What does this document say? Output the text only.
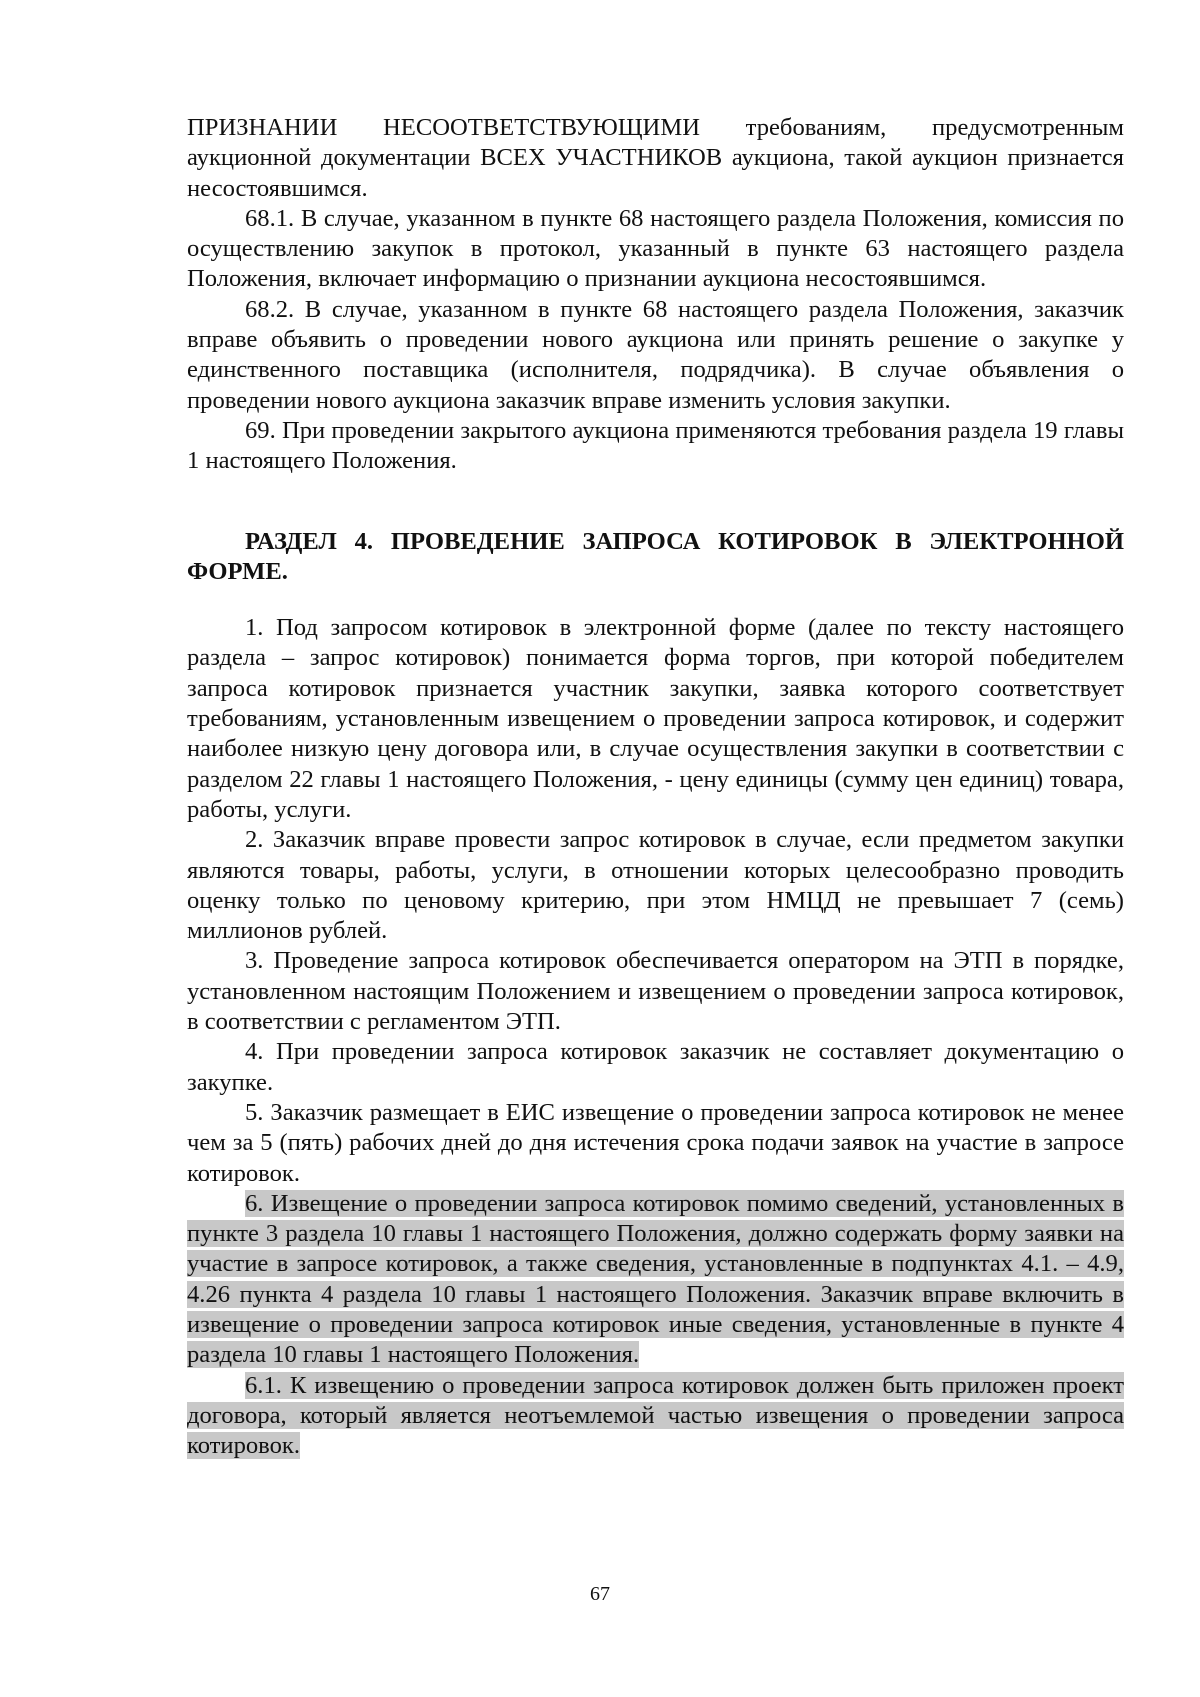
ПРИЗНАНИИ НЕСООТВЕТСТВУЮЩИМИ требованиям, предусмотренным аукционной документации ВСЕХ УЧАСТНИКОВ аукциона, такой аукцион признается несостоявшимся.

68.1. В случае, указанном в пункте 68 настоящего раздела Положения, комиссия по осуществлению закупок в протокол, указанный в пункте 63 настоящего раздела Положения, включает информацию о признании аукциона несостоявшимся.

68.2. В случае, указанном в пункте 68 настоящего раздела Положения, заказчик вправе объявить о проведении нового аукциона или принять решение о закупке у единственного поставщика (исполнителя, подрядчика). В случае объявления о проведении нового аукциона заказчик вправе изменить условия закупки.

69. При проведении закрытого аукциона применяются требования раздела 19 главы 1 настоящего Положения.

РАЗДЕЛ 4. ПРОВЕДЕНИЕ ЗАПРОСА КОТИРОВОК В ЭЛЕКТРОННОЙ ФОРМЕ.

1. Под запросом котировок в электронной форме (далее по тексту настоящего раздела – запрос котировок) понимается форма торгов, при которой победителем запроса котировок признается участник закупки, заявка которого соответствует требованиям, установленным извещением о проведении запроса котировок, и содержит наиболее низкую цену договора или, в случае осуществления закупки в соответствии с разделом 22 главы 1 настоящего Положения, - цену единицы (сумму цен единиц) товара, работы, услуги.

2. Заказчик вправе провести запрос котировок в случае, если предметом закупки являются товары, работы, услуги, в отношении которых целесообразно проводить оценку только по ценовому критерию, при этом НМЦД не превышает 7 (семь) миллионов рублей.

3. Проведение запроса котировок обеспечивается оператором на ЭТП в порядке, установленном настоящим Положением и извещением о проведении запроса котировок, в соответствии с регламентом ЭТП.

4. При проведении запроса котировок заказчик не составляет документацию о закупке.

5. Заказчик размещает в ЕИС извещение о проведении запроса котировок не менее чем за 5 (пять) рабочих дней до дня истечения срока подачи заявок на участие в запросе котировок.

6. Извещение о проведении запроса котировок помимо сведений, установленных в пункте 3 раздела 10 главы 1 настоящего Положения, должно содержать форму заявки на участие в запросе котировок, а также сведения, установленные в подпунктах 4.1. – 4.9, 4.26 пункта 4 раздела 10 главы 1 настоящего Положения. Заказчик вправе включить в извещение о проведении запроса котировок иные сведения, установленные в пункте 4 раздела 10 главы 1 настоящего Положения.

6.1. К извещению о проведении запроса котировок должен быть приложен проект договора, который является неотъемлемой частью извещения о проведении запроса котировок.

67
